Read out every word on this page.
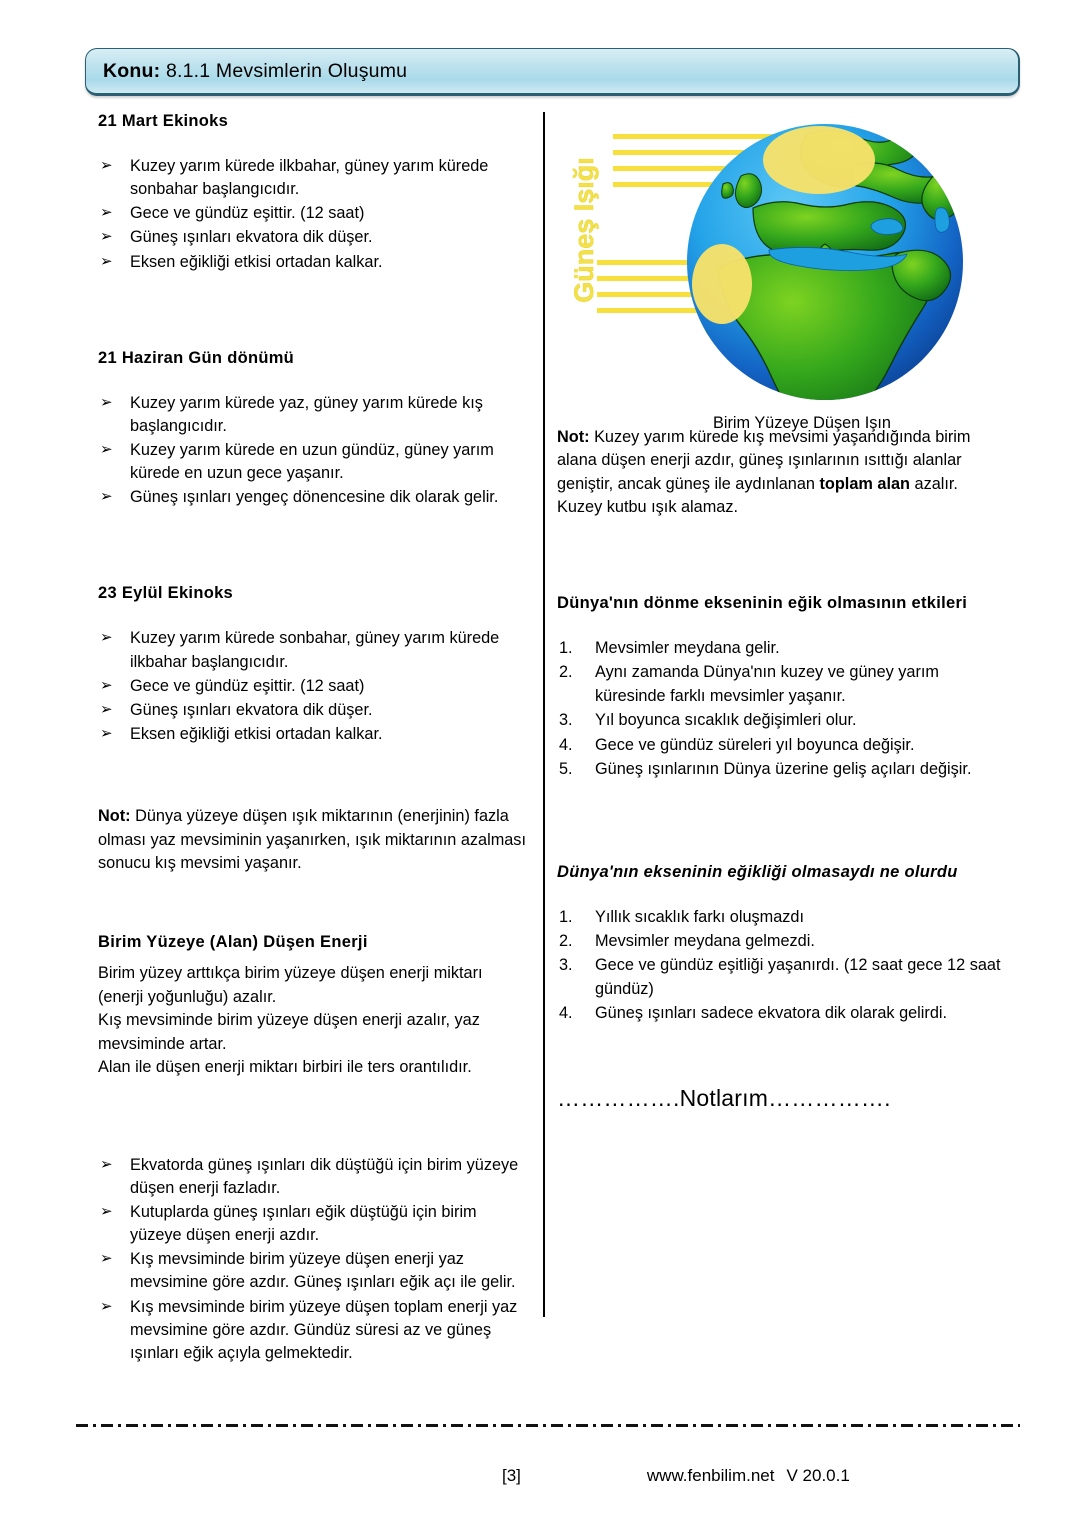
Konu: 8.1.1 Mevsimlerin Oluşumu
21 Mart Ekinoks
➢ Kuzey yarım kürede ilkbahar, güney yarım kürede sonbahar başlangıcıdır.
➢ Gece ve gündüz eşittir. (12 saat)
➢ Güneş ışınları ekvatora dik düşer.
➢ Eksen eğikliği etkisi ortadan kalkar.
21 Haziran Gün dönümü
➢ Kuzey yarım kürede yaz, güney yarım kürede kış başlangıcıdır.
➢ Kuzey yarım kürede en uzun gündüz, güney yarım kürede en uzun gece yaşanır.
➢ Güneş ışınları yengeç dönencesine dik olarak gelir.
23 Eylül Ekinoks
➢ Kuzey yarım kürede sonbahar, güney yarım kürede ilkbahar başlangıcıdır.
➢ Gece ve gündüz eşittir. (12 saat)
➢ Güneş ışınları ekvatora dik düşer.
➢ Eksen eğikliği etkisi ortadan kalkar.

Not: Dünya yüzeye düşen ışık miktarının (enerjinin) fazla olması yaz mevsiminin yaşanırken, ışık miktarının azalması sonucu kış mevsimi yaşanır.

Birim Yüzeye (Alan) Düşen Enerji

Birim yüzey arttıkça birim yüzeye düşen enerji miktarı (enerji yoğunluğu) azalır.

Kış mevsiminde birim yüzeye düşen enerji azalır, yaz mevsiminde artar.

Alan ile düşen enerji miktarı birbiri ile ters orantılıdır.

➢ Ekvatorda güneş ışınları dik düştüğü için birim yüzeye düşen enerji fazladır.
➢ Kutuplarda güneş ışınları eğik düştüğü için birim yüzeye düşen enerji azdır.
➢ Kış mevsiminde birim yüzeye düşen enerji yaz mevsimine göre azdır. Güneş ışınları eğik açı ile gelir.
➢ Kış mevsiminde birim yüzeye düşen toplam enerji yaz mevsimine göre azdır. Gündüz süresi az ve güneş ışınları eğik açıyla gelmektedir.
Güneş Işığı
Birim Yüzeye Düşen Işın

Not: Kuzey yarım kürede kış mevsimi yaşandığında birim alana düşen enerji azdır, güneş ışınlarının ısıttığı alanlar geniştir, ancak güneş ile aydınlanan toplam alan azalır. Kuzey kutbu ışık alamaz.

Dünya'nın dönme ekseninin eğik olmasının etkileri
1. Mevsimler meydana gelir.
2. Aynı zamanda Dünya'nın kuzey ve güney yarım küresinde farklı mevsimler yaşanır.
3. Yıl boyunca sıcaklık değişimleri olur.
4. Gece ve gündüz süreleri yıl boyunca değişir.
5. Güneş ışınlarının Dünya üzerine geliş açıları değişir.
Dünya'nın ekseninin eğikliği olmasaydı ne olurdu
1. Yıllık sıcaklık farkı oluşmazdı
2. Mevsimler meydana gelmezdi.
3. Gece ve gündüz eşitliği yaşanırdı. (12 saat gece 12 saat gündüz)
4. Güneş ışınları sadece ekvatora dik olarak gelirdi.
…………….Notlarım…………….
[3]	www.fenbilim.net V 20.0.1
